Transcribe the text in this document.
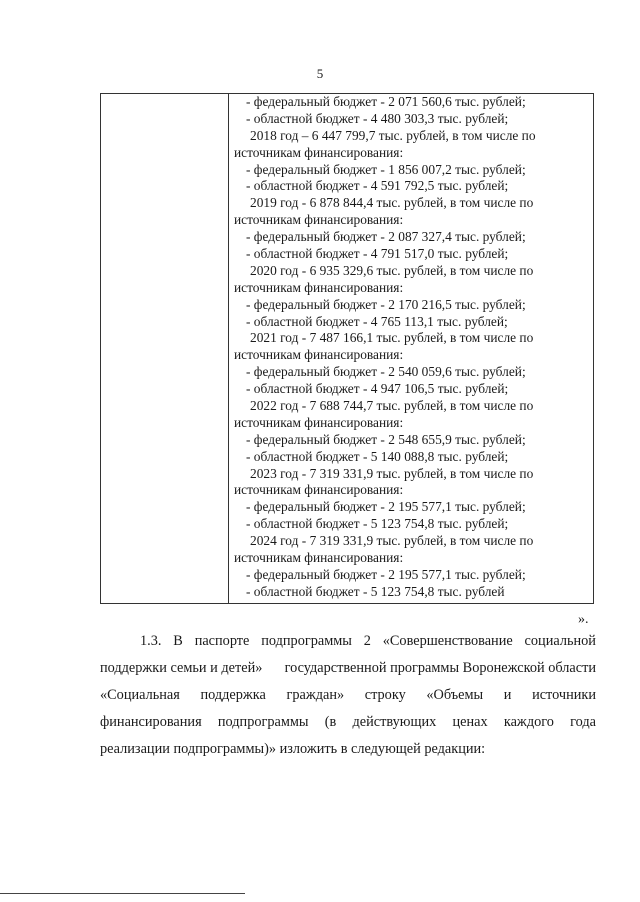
5
- федеральный бюджет - 2 071 560,6 тыс. рублей;
- областной бюджет - 4 480 303,3 тыс. рублей;
2018 год – 6 447 799,7 тыс. рублей, в том числе по
источникам финансирования:
- федеральный бюджет - 1 856 007,2 тыс. рублей;
- областной бюджет - 4 591 792,5 тыс. рублей;
2019 год - 6 878 844,4 тыс. рублей, в том числе по
источникам финансирования:
- федеральный бюджет - 2 087 327,4 тыс. рублей;
- областной бюджет - 4 791 517,0 тыс. рублей;
2020 год - 6 935 329,6 тыс. рублей, в том числе по
источникам финансирования:
- федеральный бюджет - 2 170 216,5 тыс. рублей;
- областной бюджет - 4 765 113,1 тыс. рублей;
2021 год - 7 487 166,1 тыс. рублей, в том числе по
источникам финансирования:
- федеральный бюджет - 2 540 059,6 тыс. рублей;
- областной бюджет - 4 947 106,5 тыс. рублей;
2022 год - 7 688 744,7 тыс. рублей, в том числе по
источникам финансирования:
- федеральный бюджет - 2 548 655,9 тыс. рублей;
- областной бюджет - 5 140 088,8 тыс. рублей;
2023 год - 7 319 331,9 тыс. рублей, в том числе по
источникам финансирования:
- федеральный бюджет - 2 195 577,1 тыс. рублей;
- областной бюджет - 5 123 754,8 тыс. рублей;
2024 год - 7 319 331,9 тыс. рублей, в том числе по
источникам финансирования:
- федеральный бюджет - 2 195 577,1 тыс. рублей;
- областной бюджет - 5 123 754,8 тыс. рублей
».
1.3. В паспорте подпрограммы 2 «Совершенствование социальной
поддержки семьи и детей» государственной программы Воронежской области
«Социальная поддержка граждан» строку «Объемы и источники
финансирования подпрограммы (в действующих ценах каждого года
реализации подпрограммы)» изложить в следующей редакции:
